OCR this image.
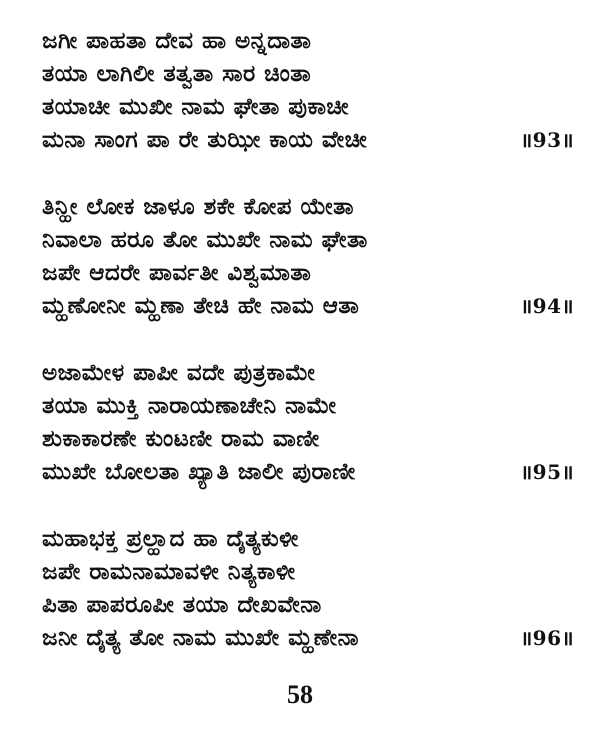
ಜಗೀ ಪಾಹತಾ ದೇವ ಹಾ ಅನ್ನದಾತಾ
ತಯಾ ಲಾಗಿಲೀ ತತ್ವತಾ ಸಾರ ಚಿಂತಾ
ತಯಾಚೀ ಮುಖೀ ನಾಮ ಘೇತಾ ಪುಕಾಚೀ
ಮನಾ ಸಾಂಗ ಪಾ ರೇ ತುಝೀ ಕಾಯ ವೇಚೀ	॥93॥
ತಿನ್ಹೀ ಲೋಕ ಜಾಳೂ ಶಕೇ ಕೋಪ ಯೇತಾ
ನಿವಾಲಾ ಹರೂ ತೋ ಮುಖೇ ನಾಮ ಘೇತಾ
ಜಪೇ ಆದರೇ ಪಾರ್ವತೀ ವಿಶ್ವಮಾತಾ
ಮ್ಹಣೋನೀ ಮ್ಹಣಾ ತೇಚಿ ಹೇ ನಾಮ ಆತಾ	॥94॥
ಅಜಾಮೇಳ ಪಾಪೀ ವದೇ ಪುತ್ರಕಾಮೇ
ತಯಾ ಮುಕ್ತಿ ನಾರಾಯಣಾಚೇನಿ ನಾಮೇ
ಶುಕಾಕಾರಣೇ ಕುಂಟಣೀ ರಾಮ ವಾಣೀ
ಮುಖೇ ಬೋಲತಾ ಖ್ಯಾತಿ ಜಾಲೀ ಪುರಾಣೀ	॥95॥
ಮಹಾಭಕ್ತ ಪ್ರಲ್ಹಾದ ಹಾ ದೈತ್ಯಕುಳೀ
ಜಪೇ ರಾಮನಾಮಾವಳೀ ನಿತ್ಯಕಾಳೀ
ಪಿತಾ ಪಾಪರೂಪೀ ತಯಾ ದೇಖವೇನಾ
ಜನೀ ದೈತ್ಯ ತೋ ನಾಮ ಮುಖೇ ಮ್ಹಣೇನಾ	॥96॥
58
